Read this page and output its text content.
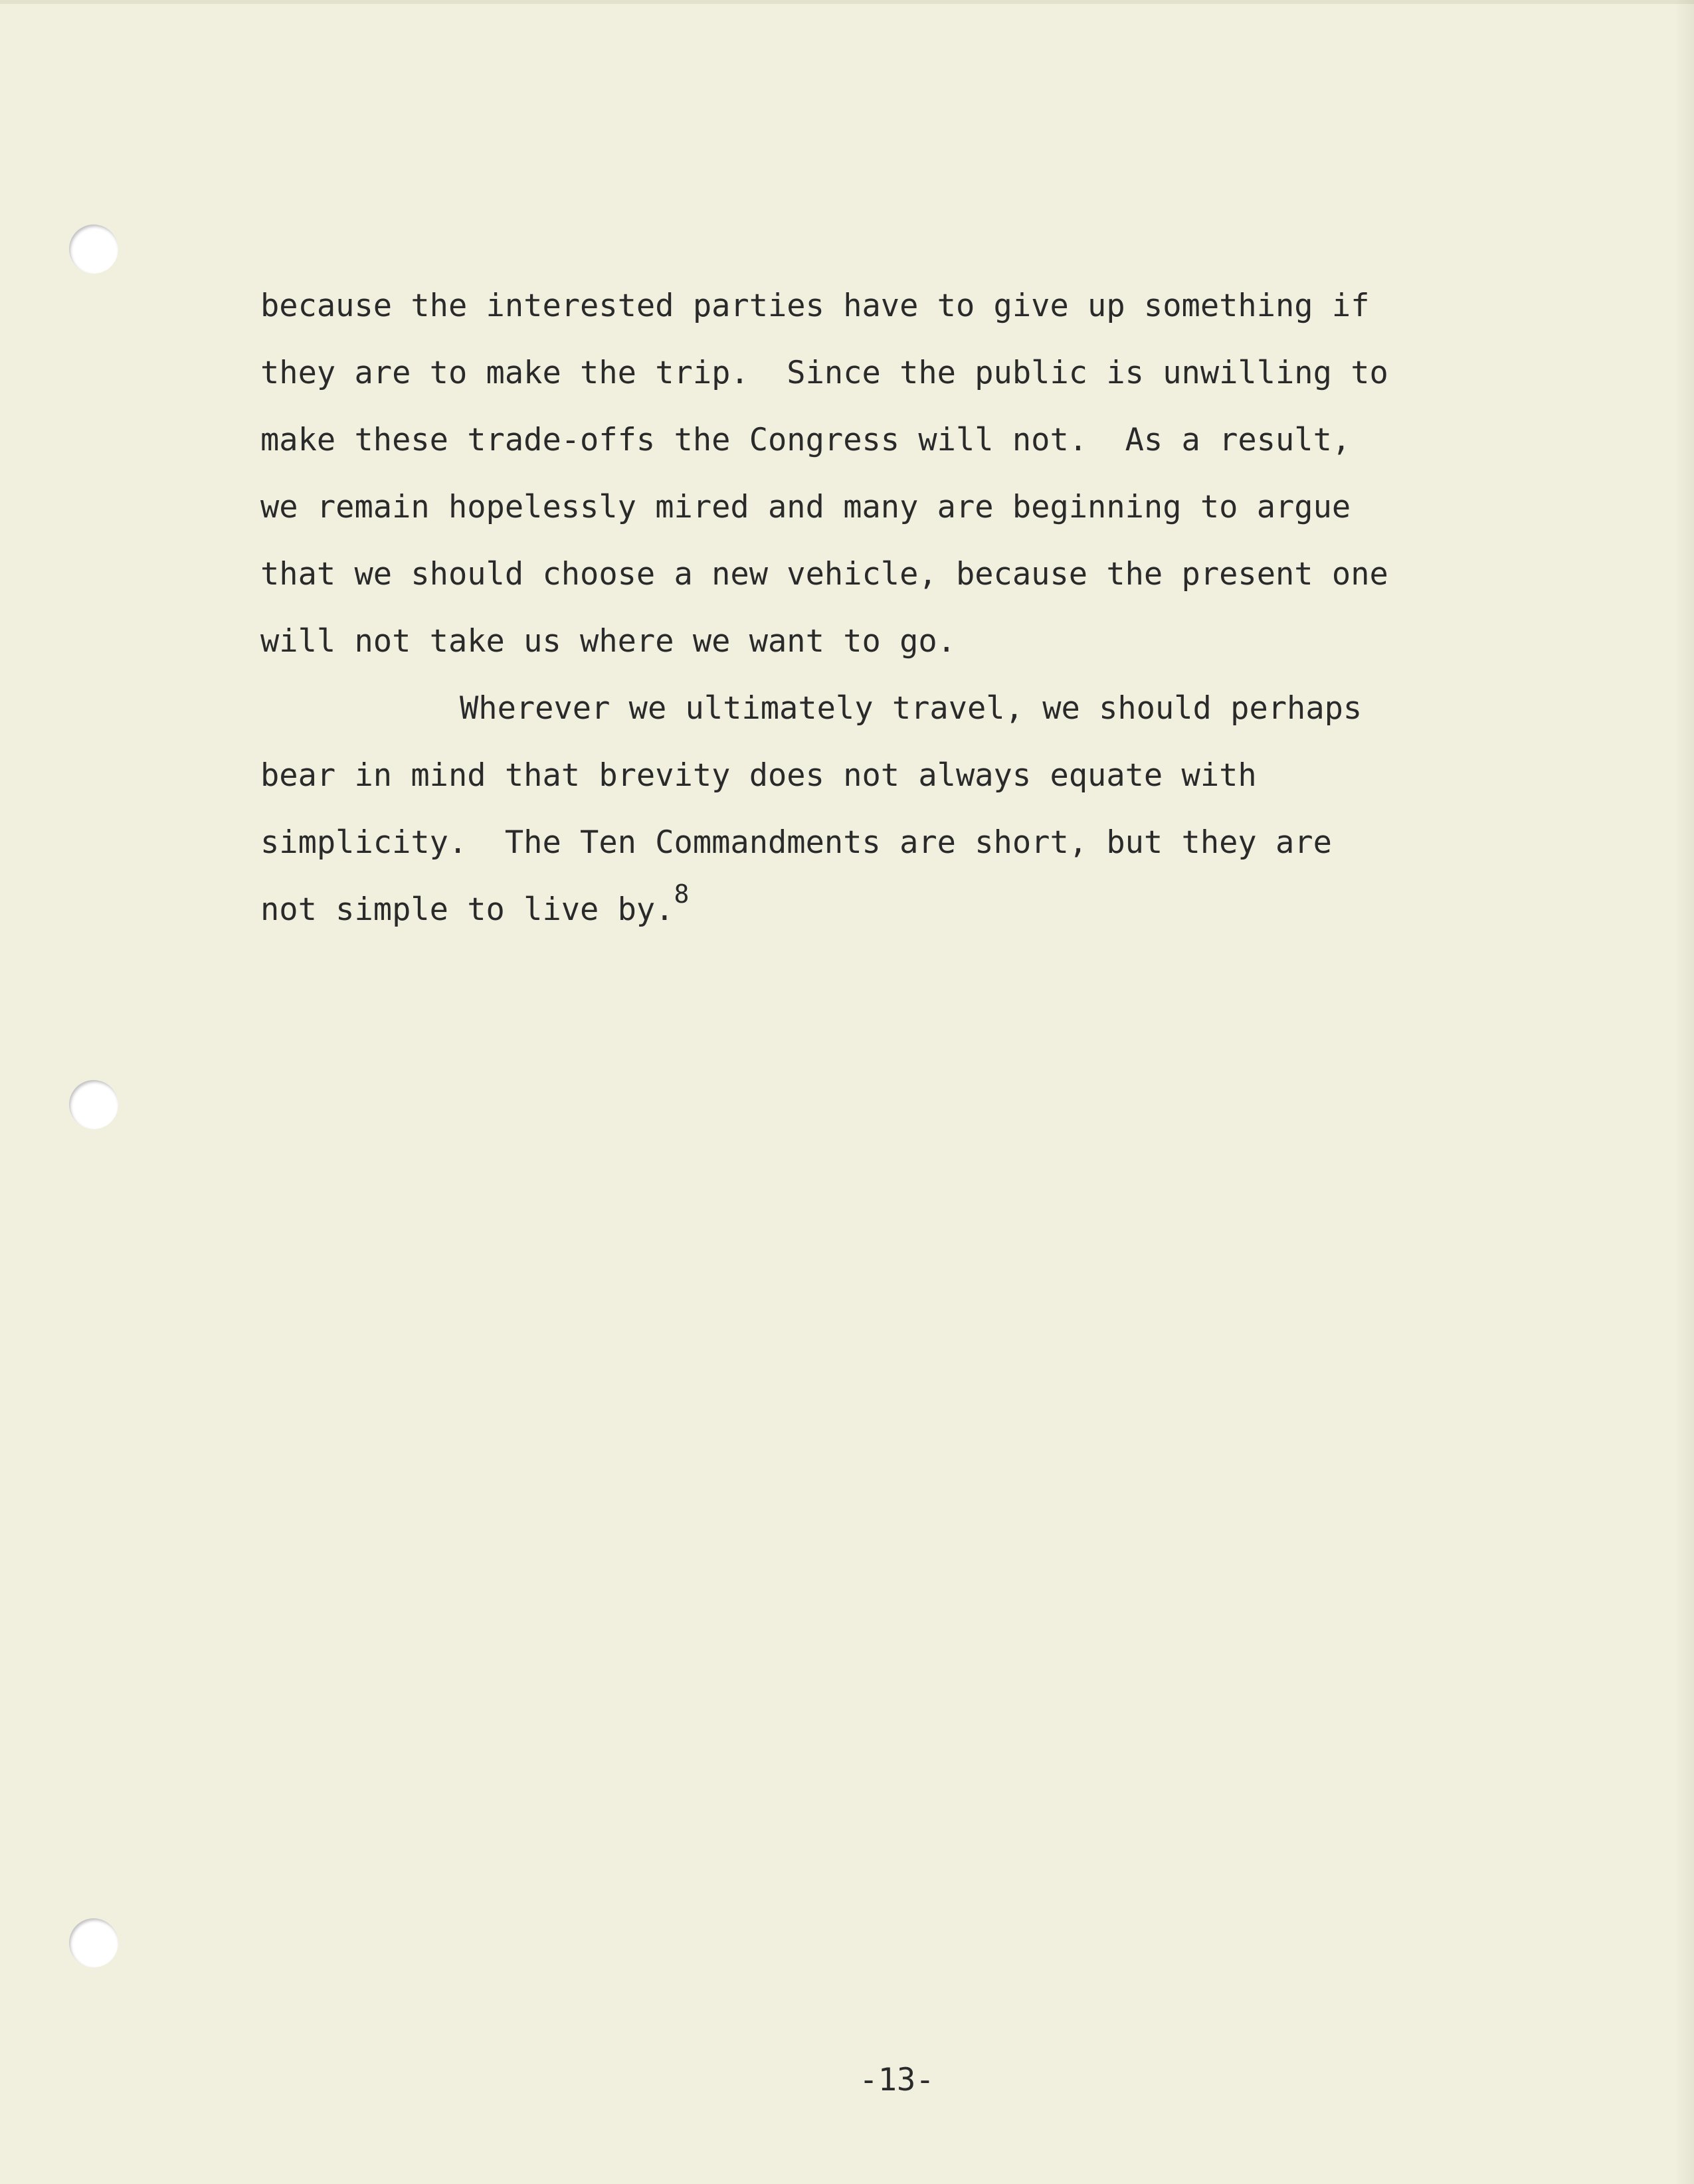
because the interested parties have to give up something if
they are to make the trip.  Since the public is unwilling to
make these trade-offs the Congress will not.  As a result,
we remain hopelessly mired and many are beginning to argue
that we should choose a new vehicle, because the present one
will not take us where we want to go.
Wherever we ultimately travel, we should perhaps
bear in mind that brevity does not always equate with
simplicity.  The Ten Commandments are short, but they are
not simple to live by.$^8$
-13-
